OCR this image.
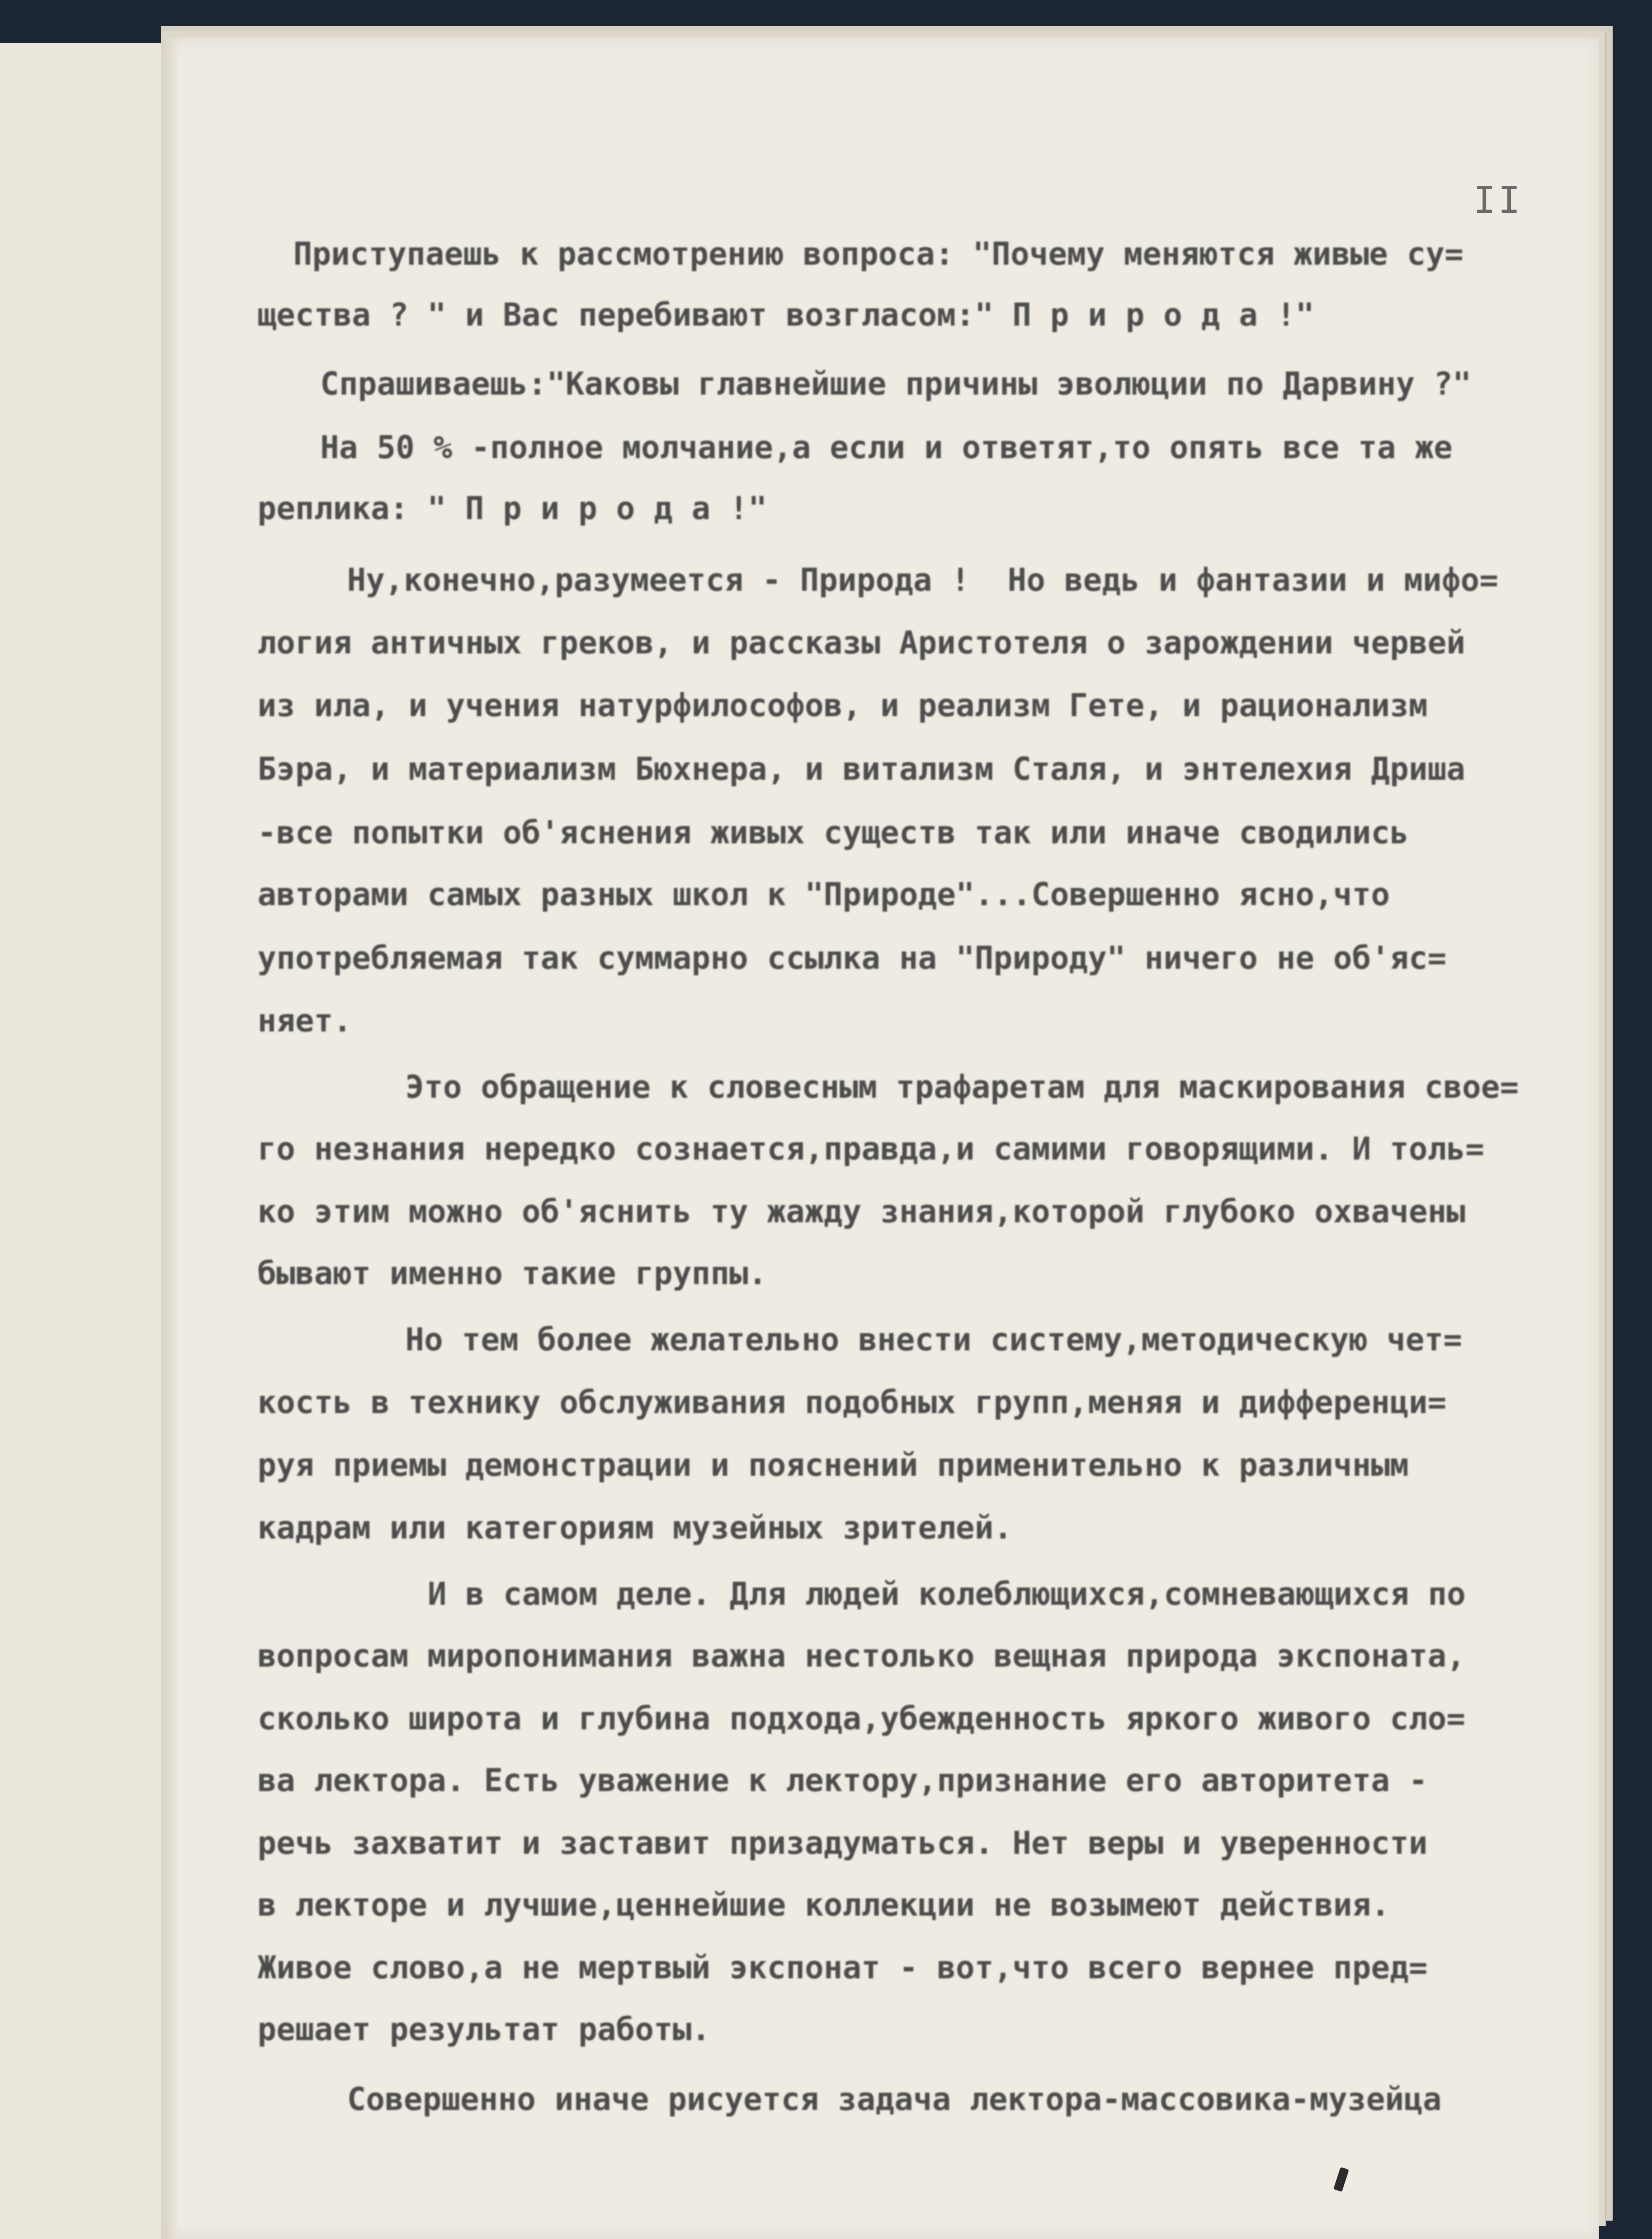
II
Приступаешь к рассмотрению вопроса: "Почему меняются живые су=
щества ? " и Вас перебивают возгласом:" П р и р о д а !"
Спрашиваешь:"Каковы главнейшие причины эволюции по Дарвину ?"
На 50 % -полное молчание,а если и ответят,то опять все та же
реплика: " П р и р о д а !"
Ну,конечно,разумеется - Природа !  Но ведь и фантазии и мифо=
логия античных греков, и рассказы Аристотеля о зарождении червей
из ила, и учения натурфилософов, и реализм Гете, и рационализм
Бэра, и материализм Бюхнера, и витализм Сталя, и энтелехия Дриша
-все попытки об'яснения живых существ так или иначе сводились
авторами самых разных школ к "Природе"...Совершенно ясно,что
употребляемая так суммарно ссылка на "Природу" ничего не об'яс=
няет.
Это обращение к словесным трафаретам для маскирования свое=
го незнания нередко сознается,правда,и самими говорящими. И толь=
ко этим можно об'яснить ту жажду знания,которой глубоко охвачены
бывают именно такие группы.
Но тем более желательно внести систему,методическую чет=
кость в технику обслуживания подобных групп,меняя и дифференци=
руя приемы демонстрации и пояснений применительно к различным
кадрам или категориям музейных зрителей.
И в самом деле. Для людей колеблющихся,сомневающихся по
вопросам миропонимания важна нестолько вещная природа экспоната,
сколько широта и глубина подхода,убежденность яркого живого сло=
ва лектора. Есть уважение к лектору,признание его авторитета -
речь захватит и заставит призадуматься. Нет веры и уверенности
в лекторе и лучшие,ценнейшие коллекции не возымеют действия.
Живое слово,а не мертвый экспонат - вот,что всего вернее пред=
решает результат работы.
Совершенно иначе рисуется задача лектора-массовика-музейца
